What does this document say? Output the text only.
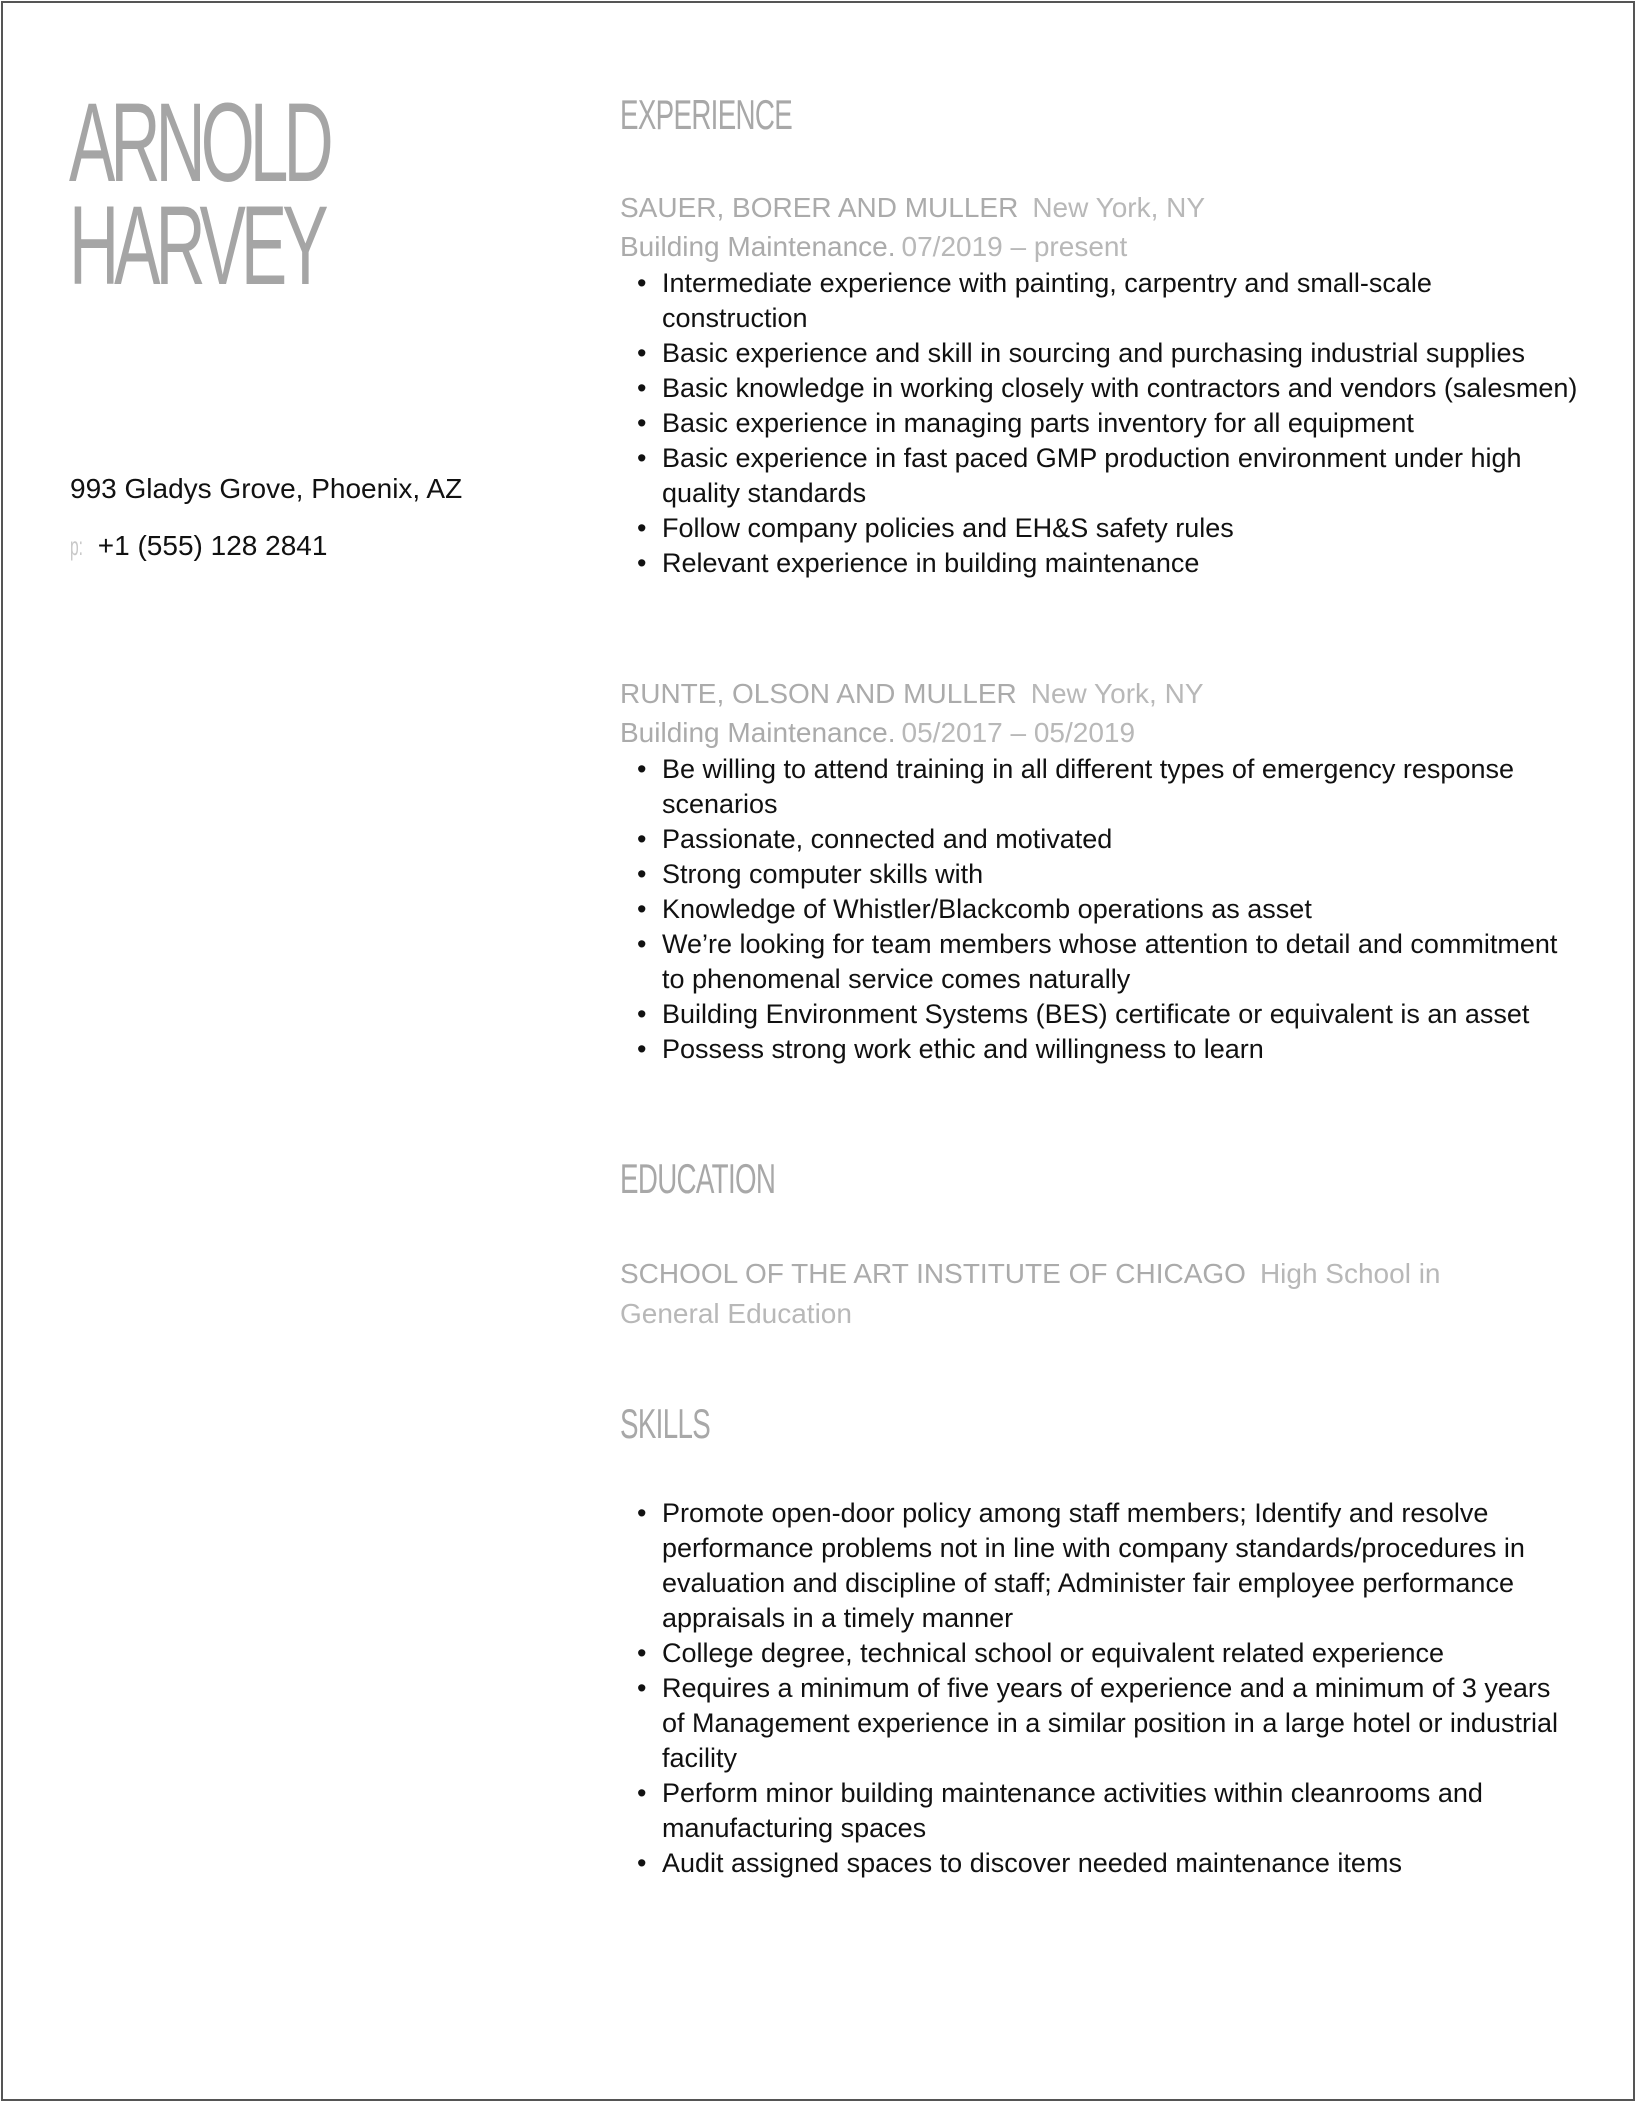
ARNOLD
HARVEY
993 Gladys Grove, Phoenix, AZ
p: +1 (555) 128 2841
EXPERIENCE
SAUER, BORER AND MULLER New York, NY
Building Maintenance. 07/2019 – present
• Intermediate experience with painting, carpentry and small-scale construction
• Basic experience and skill in sourcing and purchasing industrial supplies
• Basic knowledge in working closely with contractors and vendors (salesmen)
• Basic experience in managing parts inventory for all equipment
• Basic experience in fast paced GMP production environment under high quality standards
• Follow company policies and EH&S safety rules
• Relevant experience in building maintenance
RUNTE, OLSON AND MULLER New York, NY
Building Maintenance. 05/2017 – 05/2019
• Be willing to attend training in all different types of emergency response scenarios
• Passionate, connected and motivated
• Strong computer skills with
• Knowledge of Whistler/Blackcomb operations as asset
• We’re looking for team members whose attention to detail and commitment to phenomenal service comes naturally
• Building Environment Systems (BES) certificate or equivalent is an asset
• Possess strong work ethic and willingness to learn
EDUCATION
SCHOOL OF THE ART INSTITUTE OF CHICAGO High School in General Education
SKILLS
• Promote open-door policy among staff members; Identify and resolve performance problems not in line with company standards/procedures in evaluation and discipline of staff; Administer fair employee performance appraisals in a timely manner
• College degree, technical school or equivalent related experience
• Requires a minimum of five years of experience and a minimum of 3 years of Management experience in a similar position in a large hotel or industrial facility
• Perform minor building maintenance activities within cleanrooms and manufacturing spaces
• Audit assigned spaces to discover needed maintenance items
